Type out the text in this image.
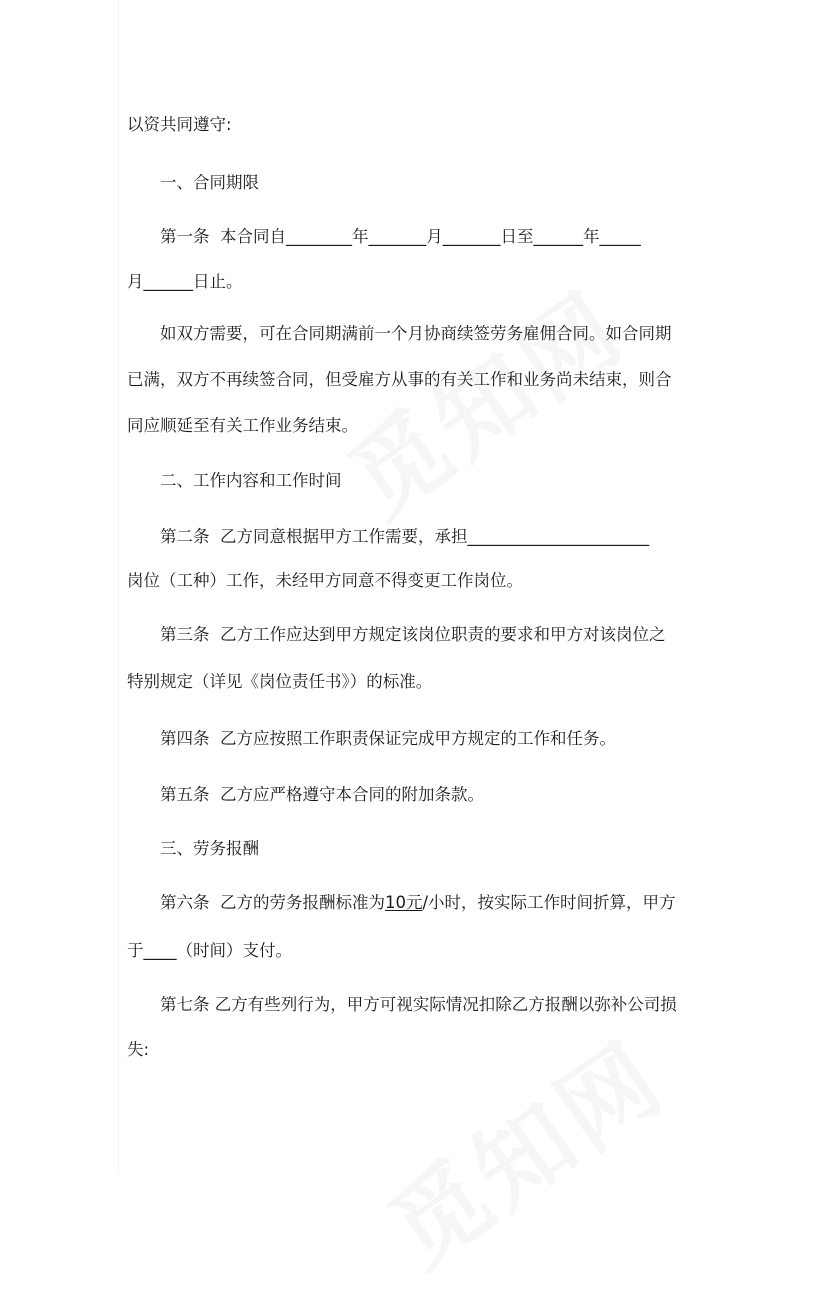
以资共同遵守:
一、合同期限
第一条  本合同自________年_______月_______日至______年_____
月______日止。
如双方需要，可在合同期满前一个月协商续签劳务雇佣合同。如合同期
已满，双方不再续签合同，但受雇方从事的有关工作和业务尚未结束，则合
同应顺延至有关工作业务结束。
二、工作内容和工作时间
第二条  乙方同意根据甲方工作需要，承担______________________
岗位（工种）工作，未经甲方同意不得变更工作岗位。
第三条  乙方工作应达到甲方规定该岗位职责的要求和甲方对该岗位之
特别规定（详见《岗位责任书》）的标准。
第四条  乙方应按照工作职责保证完成甲方规定的工作和任务。
第五条  乙方应严格遵守本合同的附加条款。
三、劳务报酬
第六条  乙方的劳务报酬标准为10元/小时，按实际工作时间折算，甲方
于____（时间）支付。
第七条 乙方有些列行为，甲方可视实际情况扣除乙方报酬以弥补公司损
失:
